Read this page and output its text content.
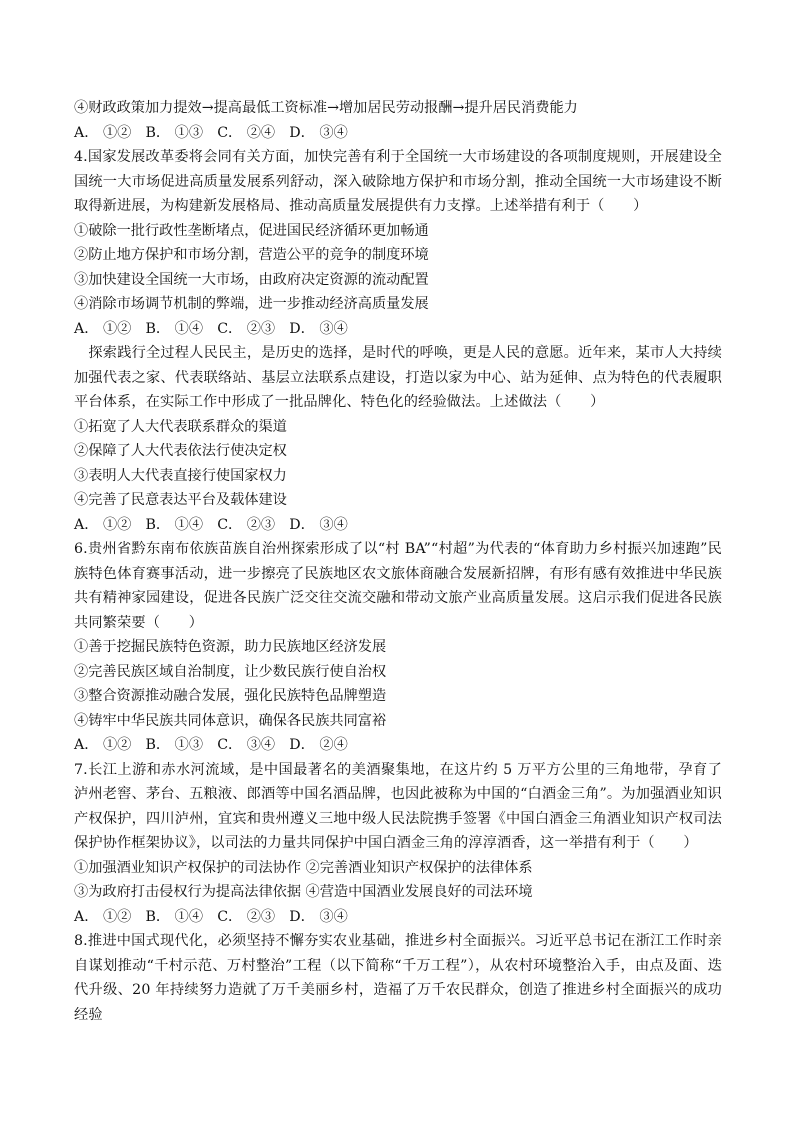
④财政政策加力提效→提高最低工资标准→增加居民劳动报酬→提升居民消费能力
A． ①②　B． ①③　C． ②④　D． ③④
4.国家发展改革委将会同有关方面，加快完善有利于全国统一大市场建设的各项制度规则，开展建设全国统一大市场促进高质量发展系列舒动，深入破除地方保护和市场分割，推动全国统一大市场建设不断取得新进展，为构建新发展格局、推动高质量发展提供有力支撑。上述举措有利于（　　）
①破除一批行政性垄断堵点，促进国民经济循环更加畅通
②防止地方保护和市场分割，营造公平的竞争的制度环境
③加快建设全国统一大市场，由政府决定资源的流动配置
④消除市场调节机制的弊端，进一步推动经济高质量发展
A． ①②　B． ①④　C． ②③　D． ③④
　探索践行全过程人民民主，是历史的选择，是时代的呼唤，更是人民的意愿。近年来，某市人大持续加强代表之家、代表联络站、基层立法联系点建设，打造以家为中心、站为延伸、点为特色的代表履职平台体系，在实际工作中形成了一批品牌化、特色化的经验做法。上述做法（　　）
①拓宽了人大代表联系群众的渠道
②保障了人大代表依法行使决定权
③表明人大代表直接行使国家权力
④完善了民意表达平台及载体建设
A． ①②　B． ①④　C． ②③　D． ③④
6.贵州省黔东南布依族苗族自治州探索形成了以“村 BA”“村超”为代表的“体育助力乡村振兴加速跑”民族特色体育赛事活动，进一步擦亮了民族地区农文旅体商融合发展新招牌，有形有感有效推进中华民族共有精神家园建设，促进各民族广泛交往交流交融和带动文旅产业高质量发展。这启示我们促进各民族共同繁荣要（　　）
①善于挖掘民族特色资源，助力民族地区经济发展
②完善民族区域自治制度，让少数民族行使自治权
③整合资源推动融合发展，强化民族特色品牌塑造
④铸牢中华民族共同体意识，确保各民族共同富裕
A． ①②　B． ①③　C． ③④　D． ②④
7.长江上游和赤水河流域，是中国最著名的美酒聚集地，在这片约 5 万平方公里的三角地带，孕育了泸州老窖、茅台、五粮液、郎酒等中国名酒品牌，也因此被称为中国的“白酒金三角”。为加强酒业知识产权保护，四川泸州，宜宾和贵州遵义三地中级人民法院携手签署《中国白酒金三角酒业知识产权司法保护协作框架协议》，以司法的力量共同保护中国白酒金三角的淳淳酒香，这一举措有利于（　　）
①加强酒业知识产权保护的司法协作 ②完善酒业知识产权保护的法律体系
③为政府打击侵权行为提高法律依据 ④营造中国酒业发展良好的司法环境
A． ①②　B． ①④　C． ②③　D． ③④
8.推进中国式现代化，必须坚持不懈夯实农业基础，推进乡村全面振兴。习近平总书记在浙江工作时亲自谋划推动“千村示范、万村整治”工程（以下简称“千万工程”），从农村环境整治入手，由点及面、迭代升级、20 年持续努力造就了万千美丽乡村，造福了万千农民群众，创造了推进乡村全面振兴的成功经验
